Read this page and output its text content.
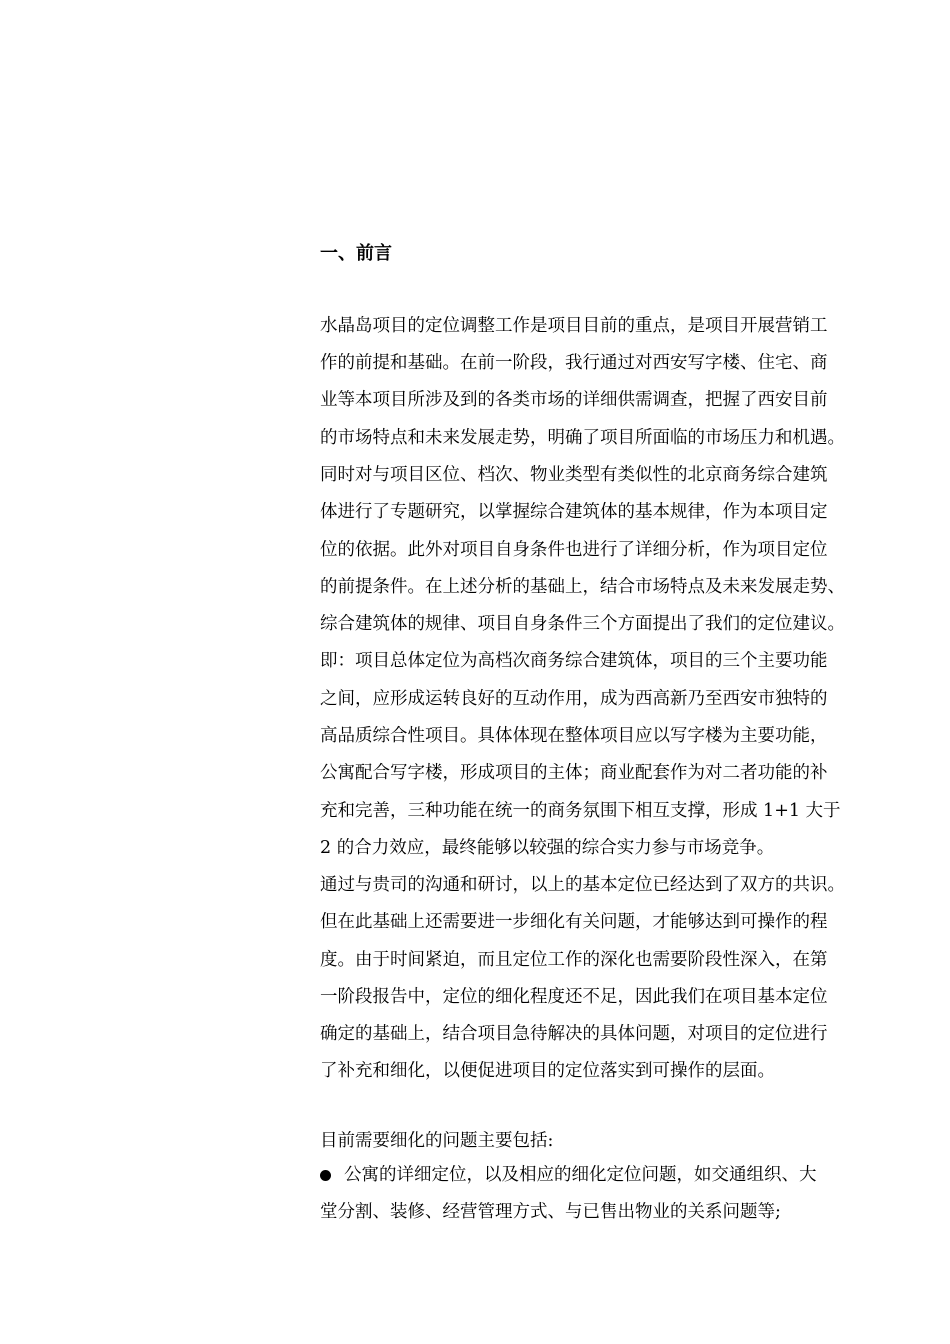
一、前言
水晶岛项目的定位调整工作是项目目前的重点，是项目开展营销工
作的前提和基础。在前一阶段，我行通过对西安写字楼、住宅、商
业等本项目所涉及到的各类市场的详细供需调查，把握了西安目前
的市场特点和未来发展走势，明确了项目所面临的市场压力和机遇。
同时对与项目区位、档次、物业类型有类似性的北京商务综合建筑
体进行了专题研究，以掌握综合建筑体的基本规律，作为本项目定
位的依据。此外对项目自身条件也进行了详细分析，作为项目定位
的前提条件。在上述分析的基础上，结合市场特点及未来发展走势、
综合建筑体的规律、项目自身条件三个方面提出了我们的定位建议。
即：项目总体定位为高档次商务综合建筑体，项目的三个主要功能
之间，应形成运转良好的互动作用，成为西高新乃至西安市独特的
高品质综合性项目。具体体现在整体项目应以写字楼为主要功能，
公寓配合写字楼，形成项目的主体；商业配套作为对二者功能的补
充和完善，三种功能在统一的商务氛围下相互支撑，形成 1+1 大于
2 的合力效应，最终能够以较强的综合实力参与市场竞争。
通过与贵司的沟通和研讨，以上的基本定位已经达到了双方的共识。
但在此基础上还需要进一步细化有关问题，才能够达到可操作的程
度。由于时间紧迫，而且定位工作的深化也需要阶段性深入，在第
一阶段报告中，定位的细化程度还不足，因此我们在项目基本定位
确定的基础上，结合项目急待解决的具体问题，对项目的定位进行
了补充和细化，以便促进项目的定位落实到可操作的层面。
目前需要细化的问题主要包括:
公寓的详细定位，以及相应的细化定位问题，如交通组织、大
堂分割、装修、经营管理方式、与已售出物业的关系问题等;
